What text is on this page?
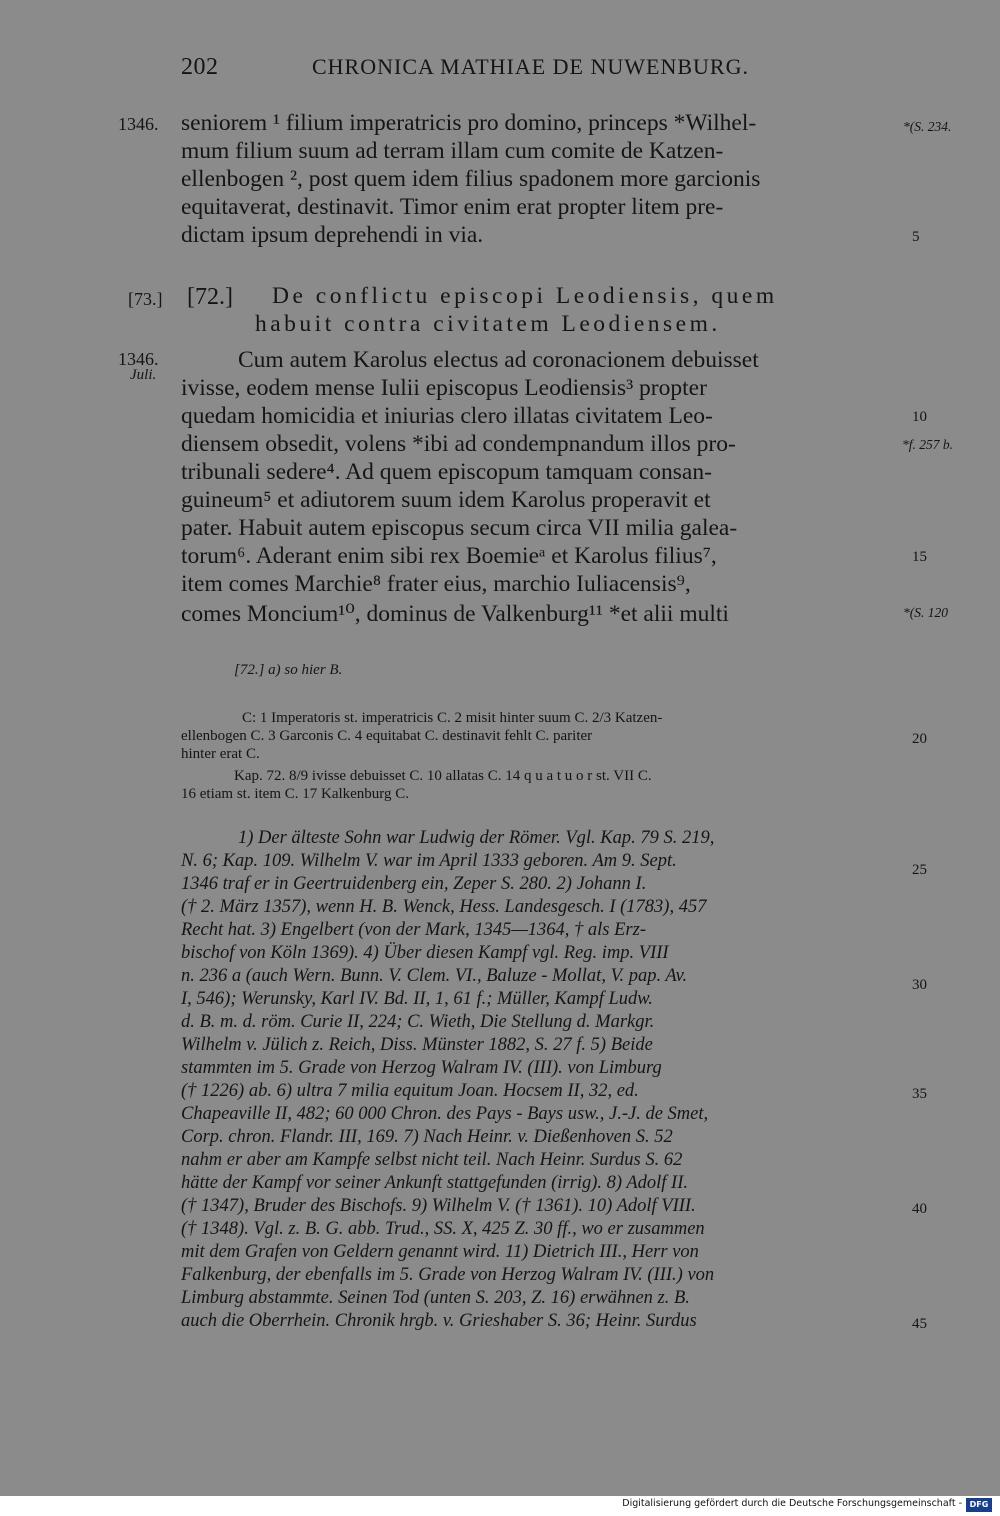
202	CHRONICA MATHIAE DE NUWENBURG.
1346. seniorem ¹ filium imperatricis pro domino, princeps *Wilhel-
mum filium suum ad terram illam cum comite de Katzen-
ellenbogen ², post quem idem filius spadonem more garcionis
equitaverat, destinavit. Timor enim erat propter litem pre-
dictam ipsum deprehendi in via.
*(S. 234.
5
[73.] [72.] De conflictu episcopi Leodiensis, quem
habuit contra civitatem Leodiensem.
1346.
Juli.
Cum autem Karolus electus ad coronacionem debuisset
ivisse, eodem mense Iulii episcopus Leodiensis³ propter
quedam homicidia et iniurias clero illatas civitatem Leo-
diensem obsedit, volens *ibi ad condempnandum illos pro-
tribunali sedere⁴. Ad quem episcopum tamquam consan-
guineum⁵ et adiutorem suum idem Karolus properavit et
pater. Habuit autem episcopus secum circa VII milia galea-
torum⁶. Aderant enim sibi rex Boemieᵃ et Karolus filius⁷,
item comes Marchie⁸ frater eius, marchio Iuliacensis⁹,
comes Moncium¹⁰, dominus de Valkenburg¹¹ *et alii multi
10
*f. 257 b.
15
*(S. 120
[72.] a) so hier B.
C: 1 Imperatoris st. imperatricis C. 2 misit hinter suum C. 2/3 Katzen-
ellenbogen C. 3 Garconis C. 4 equitabat C. destinavit fehlt C. pariter
hinter erat C.
20
Kap. 72. 8/9 ivisse debuisset C. 10 allatas C. 14 q u a t u o r st. VII C.
16 etiam st. item C. 17 Kalkenburg C.
1) Der älteste Sohn war Ludwig der Römer. Vgl. Kap. 79 S. 219,
N. 6; Kap. 109. Wilhelm V. war im April 1333 geboren. Am 9. Sept.
1346 traf er in Geertruidenberg ein, Zeper S. 280. 2) Johann I.
(† 2. März 1357), wenn H. B. Wenck, Hess. Landesgesch. I (1783), 457
Recht hat. 3) Engelbert (von der Mark, 1345—1364, † als Erz-
bischof von Köln 1369). 4) Über diesen Kampf vgl. Reg. imp. VIII
n. 236 a (auch Wern. Bunn. V. Clem. VI., Baluze - Mollat, V. pap. Av.
I, 546); Werunsky, Karl IV. Bd. II, 1, 61 f.; Müller, Kampf Ludw.
d. B. m. d. röm. Curie II, 224; C. Wieth, Die Stellung d. Markgr.
Wilhelm v. Jülich z. Reich, Diss. Münster 1882, S. 27 f. 5) Beide
stammten im 5. Grade von Herzog Walram IV. (III). von Limburg
(† 1226) ab. 6) ultra 7 milia equitum Joan. Hocsem II, 32, ed.
Chapeaville II, 482; 60 000 Chron. des Pays - Bays usw., J.-J. de Smet,
Corp. chron. Flandr. III, 169. 7) Nach Heinr. v. Dießenhoven S. 52
nahm er aber am Kampfe selbst nicht teil. Nach Heinr. Surdus S. 62
hätte der Kampf vor seiner Ankunft stattgefunden (irrig). 8) Adolf II.
(† 1347), Bruder des Bischofs. 9) Wilhelm V. († 1361). 10) Adolf VIII.
(† 1348). Vgl. z. B. G. abb. Trud., SS. X, 425 Z. 30 ff., wo er zusammen
mit dem Grafen von Geldern genannt wird. 11) Dietrich III., Herr von
Falkenburg, der ebenfalls im 5. Grade von Herzog Walram IV. (III.) von
Limburg abstammte. Seinen Tod (unten S. 203, Z. 16) erwähnen z. B.
auch die Oberrhein. Chronik hrgb. v. Grieshaber S. 36; Heinr. Surdus
25
30
35
40
45
Digitalisierung gefördert durch die Deutsche Forschungsgemeinschaft - DFG
